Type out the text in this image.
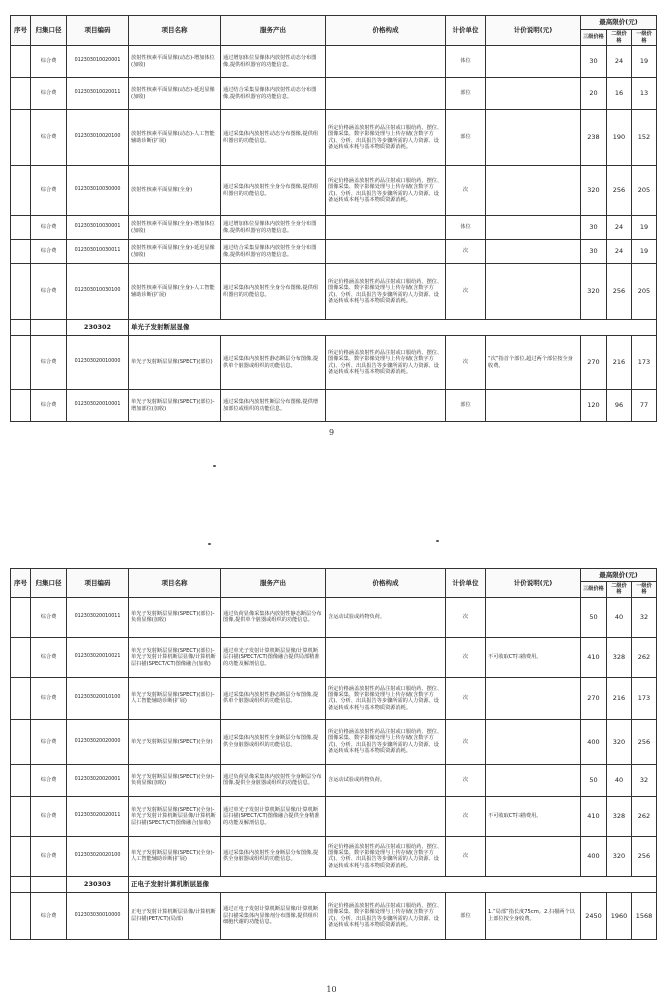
序号	归集口径	项目编码	项目名称	服务产出	价格构成	计价单位	计价说明(元)	最高限价(元)		
								三级价格	二级价格	一级价格
	综合费	012303010020001	放射性核素平面显像(动态)-增加体位(加收)	通过增加体位显像体内放射性动态分布图像,提供组织器官的功能信息。		体位		30	24	19
	综合费	012303010020011	放射性核素平面显像(动态)-延迟显像(加收)	通过结合采集显像体内放射性动态分布图像,提供组织器官的功能信息。		部位		20	16	13
	综合费	012303010020100	放射性核素平面显像(动态)-人工智能辅助诊断(扩展)	通过采集体内放射性动态分布图像,提供组织器官的功能信息。	所定价格涵盖放射性药品注射或口服给药、摆位、图像采集、数字影像处理与上传存储(含数字方式)、分析、出具报告等步骤所需的人力资源、设备运转成本耗与基本物质资源消耗。	部位		238	190	152
	综合费	012303010030000	放射性核素平面显像(全身)	通过采集体内放射性全身分布图像,提供组织器官的功能信息。	所定价格涵盖放射性药品注射或口服给药、摆位、图像采集、数字影像处理与上传存储(含数字方式)、分析、出具报告等步骤所需的人力资源、设备运转成本耗与基本物质资源消耗。	次		320	256	205
	综合费	012303010030001	放射性核素平面显像(全身)-增加体位(加收)	通过增加体位显像体内放射性全身分布图像,提供组织器官的功能信息。		体位		30	24	19
	综合费	012303010030011	放射性核素平面显像(全身)-延迟显像(加收)	通过结合采集显像体内放射性全身分布图像,提供组织器官的功能信息。		次		30	24	19
	综合费	012303010030100	放射性核素平面显像(全身)-人工智能辅助诊断(扩展)	通过采集体内放射性全身分布图像,提供组织器官的功能信息。	所定价格涵盖放射性药品注射或口服给药、摆位、图像采集、数字影像处理与上传存储(含数字方式)、分析、出具报告等步骤所需的人力资源、设备运转成本耗与基本物质资源消耗。	次		320	256	205
		230302	单光子发射断层显像							
	综合费	012303020010000	单光子发射断层显像(SPECT)(部位)	通过采集体内放射性静态断层分布图像,提供单个脏器或组织的功能信息。	所定价格涵盖放射性药品注射或口服给药、摆位、图像采集、数字影像处理与上传存储(含数字方式)、分析、出具报告等步骤所需的人力资源、设备运转成本耗与基本物质资源消耗。	次	“次”指首个部位,超过两个部位按全身收费。	270	216	173
	综合费	012303020010001	单光子发射断层显像(SPECT)(部位)-增加部位(加收)	通过采集体内放射性断层分布图像,提供增加部位或组织的功能信息。		部位		120	96	77
9
序号	归集口径	项目编码	项目名称	服务产出	价格构成	计价单位	计价说明(元)	最高限价(元)		
								三级价格	二级价格	一级价格
	综合费	012303020010011	单光子发射断层显像(SPECT)(部位)-负荷显像(加收)	通过负荷显像采集体内放射性静态断层分布图像,提供单个脏器或组织的功能信息。	含运动试验或药物负荷。	次		50	40	32
	综合费	012303020010021	单光子发射断层显像(SPECT)(部位)-单光子发射计算机断层显像/计算机断层扫描(SPECT/CT)图像融合(加收)	通过单光子发射计算机断层显像/计算机断层扫描(SPECT/CT)图像融合提供局部精准的功能及解剖信息。		次	不可收取CT扫描费用。	410	328	262
	综合费	012303020010100	单光子发射断层显像(SPECT)(部位)-人工智能辅助诊断(扩展)	通过采集体内放射性静态断层分布图像,提供单个脏器或组织的功能信息。	所定价格涵盖放射性药品注射或口服给药、摆位、图像采集、数字影像处理与上传存储(含数字方式)、分析、出具报告等步骤所需的人力资源、设备运转成本耗与基本物质资源消耗。	次		270	216	173
	综合费	012303020020000	单光子发射断层显像(SPECT)(全身)	通过采集体内放射性全身断层分布图像,提供全身脏器或组织的功能信息。	所定价格涵盖放射性药品注射或口服给药、摆位、图像采集、数字影像处理与上传存储(含数字方式)、分析、出具报告等步骤所需的人力资源、设备运转成本耗与基本物质资源消耗。	次		400	320	256
	综合费	012303020020001	单光子发射断层显像(SPECT)(全身)-负荷显像(加收)	通过负荷显像采集体内放射性全身断层分布图像,提供全身脏器或组织的功能信息。	含运动试验或药物负荷。	次		50	40	32
	综合费	012303020020011	单光子发射断层显像(SPECT)(全身)-单光子发射计算机断层显像/计算机断层扫描(SPECT/CT)图像融合(加收)	通过单光子发射计算机断层显像/计算机断层扫描(SPECT/CT)图像融合提供全身精准的功能及解剖信息。		次	不可收取CT扫描费用。	410	328	262
	综合费	012303020020100	单光子发射断层显像(SPECT)(全身)-人工智能辅助诊断(扩展)	通过采集体内放射性全身断层分布图像,提供全身脏器或组织的功能信息。	所定价格涵盖放射性药品注射或口服给药、摆位、图像采集、数字影像处理与上传存储(含数字方式)、分析、出具报告等步骤所需的人力资源、设备运转成本耗与基本物质资源消耗。	次		400	320	256
		230303	正电子发射计算机断层显像							
	综合费	012303030010000	正电子发射计算机断层显像/计算机断层扫描(PET/CT)(局部)	通过正电子发射计算机断层显像/计算机断层扫描采集体内显像剂分布图像,提供组织细胞代谢的功能信息。	所定价格涵盖放射性药品注射或口服给药、摆位、图像采集、数字影像处理与上传存储(含数字方式)、分析、出具报告等步骤所需的人力资源、设备运转成本耗与基本物质资源消耗。	部位	1.“局部”指长度75cm。2.扫描两个以上部位按全身收费。	2450	1960	1568
10
